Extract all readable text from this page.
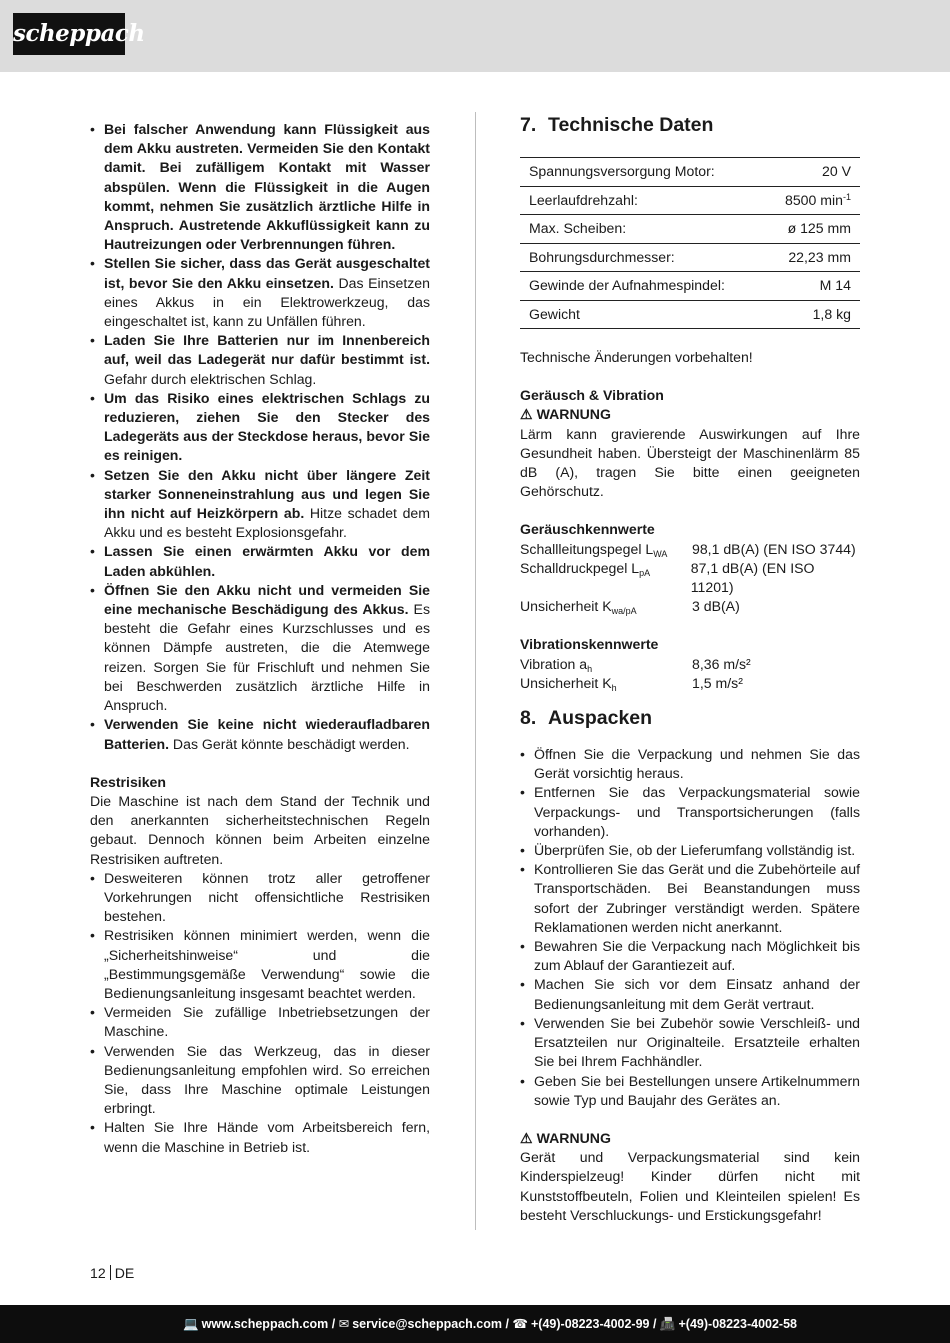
scheppach
• Bei falscher Anwendung kann Flüssigkeit aus dem Akku austreten. Vermeiden Sie den Kontakt damit. Bei zufälligem Kontakt mit Wasser abspülen. Wenn die Flüssigkeit in die Augen kommt, nehmen Sie zusätzlich ärztliche Hilfe in Anspruch. Austretende Akkuflüssigkeit kann zu Hautreizungen oder Verbrennungen führen.
• Stellen Sie sicher, dass das Gerät ausgeschaltet ist, bevor Sie den Akku einsetzen. Das Einsetzen eines Akkus in ein Elektrowerkzeug, das eingeschaltet ist, kann zu Unfällen führen.
• Laden Sie Ihre Batterien nur im Innenbereich auf, weil das Ladegerät nur dafür bestimmt ist. Gefahr durch elektrischen Schlag.
• Um das Risiko eines elektrischen Schlags zu reduzieren, ziehen Sie den Stecker des Ladegeräts aus der Steckdose heraus, bevor Sie es reinigen.
• Setzen Sie den Akku nicht über längere Zeit starker Sonneneinstrahlung aus und legen Sie ihn nicht auf Heizkörpern ab. Hitze schadet dem Akku und es besteht Explosionsgefahr.
• Lassen Sie einen erwärmten Akku vor dem Laden abkühlen.
• Öffnen Sie den Akku nicht und vermeiden Sie eine mechanische Beschädigung des Akkus. Es besteht die Gefahr eines Kurzschlusses und es können Dämpfe austreten, die die Atemwege reizen. Sorgen Sie für Frischluft und nehmen Sie bei Beschwerden zusätzlich ärztliche Hilfe in Anspruch.
• Verwenden Sie keine nicht wiederaufladbaren Batterien. Das Gerät könnte beschädigt werden.

Restrisiken

Die Maschine ist nach dem Stand der Technik und den anerkannten sicherheitstechnischen Regeln gebaut. Dennoch können beim Arbeiten einzelne Restrisiken auftreten.

• Desweiteren können trotz aller getroffener Vorkehrungen nicht offensichtliche Restrisiken bestehen.
• Restrisiken können minimiert werden, wenn die „Sicherheitshinweise“ und die „Bestimmungsgemäße Verwendung“ sowie die Bedienungsanleitung insgesamt beachtet werden.
• Vermeiden Sie zufällige Inbetriebsetzungen der Maschine.
• Verwenden Sie das Werkzeug, das in dieser Bedienungsanleitung empfohlen wird. So erreichen Sie, dass Ihre Maschine optimale Leistungen erbringt.
• Halten Sie Ihre Hände vom Arbeitsbereich fern, wenn die Maschine in Betrieb ist.
7. Technische Daten
Spannungsversorgung Motor:	20 V
Leerlaufdrehzahl:	8500 $\min^{-1}$
Max. Scheiben:	ø 125 mm
Bohrungsdurchmesser:	22,23 mm
Gewinde der Aufnahmespindel:	M 14
Gewicht	1,8 kg

Technische Änderungen vorbehalten!

Geräusch & Vibration

⚠ WARNUNG

Lärm kann gravierende Auswirkungen auf Ihre Gesundheit haben. Übersteigt der Maschinenlärm 85 dB (A), tragen Sie bitte einen geeigneten Gehörschutz.

Geräuschkennwerte

Schallleitungspegel $L_{WA}$	98,1 dB(A) (EN ISO 3744)
Schalldruckpegel $L_{pA}$	87,1 dB(A) (EN ISO 11201)
Unsicherheit $K_{wa/pA}$	3 dB(A)

Vibrationskennwerte

Vibration $a_h$	8,36 m/s²
Unsicherheit $K_h$	1,5 m/s²
8. Auspacken
• Öffnen Sie die Verpackung und nehmen Sie das Gerät vorsichtig heraus.
• Entfernen Sie das Verpackungsmaterial sowie Verpackungs- und Transportsicherungen (falls vorhanden).
• Überprüfen Sie, ob der Lieferumfang vollständig ist.
• Kontrollieren Sie das Gerät und die Zubehörteile auf Transportschäden. Bei Beanstandungen muss sofort der Zubringer verständigt werden. Spätere Reklamationen werden nicht anerkannt.
• Bewahren Sie die Verpackung nach Möglichkeit bis zum Ablauf der Garantiezeit auf.
• Machen Sie sich vor dem Einsatz anhand der Bedienungsanleitung mit dem Gerät vertraut.
• Verwenden Sie bei Zubehör sowie Verschleiß- und Ersatzteilen nur Originalteile. Ersatzteile erhalten Sie bei Ihrem Fachhändler.
• Geben Sie bei Bestellungen unsere Artikelnummern sowie Typ und Baujahr des Gerätes an.

⚠ WARNUNG

Gerät und Verpackungsmaterial sind kein Kinderspielzeug! Kinder dürfen nicht mit Kunststoffbeuteln, Folien und Kleinteilen spielen! Es besteht Verschluckungs- und Erstickungsgefahr!

12 DE
💻 www.scheppach.com / ✉ service@scheppach.com / ☎ +(49)-08223-4002-99 / 📠 +(49)-08223-4002-58
